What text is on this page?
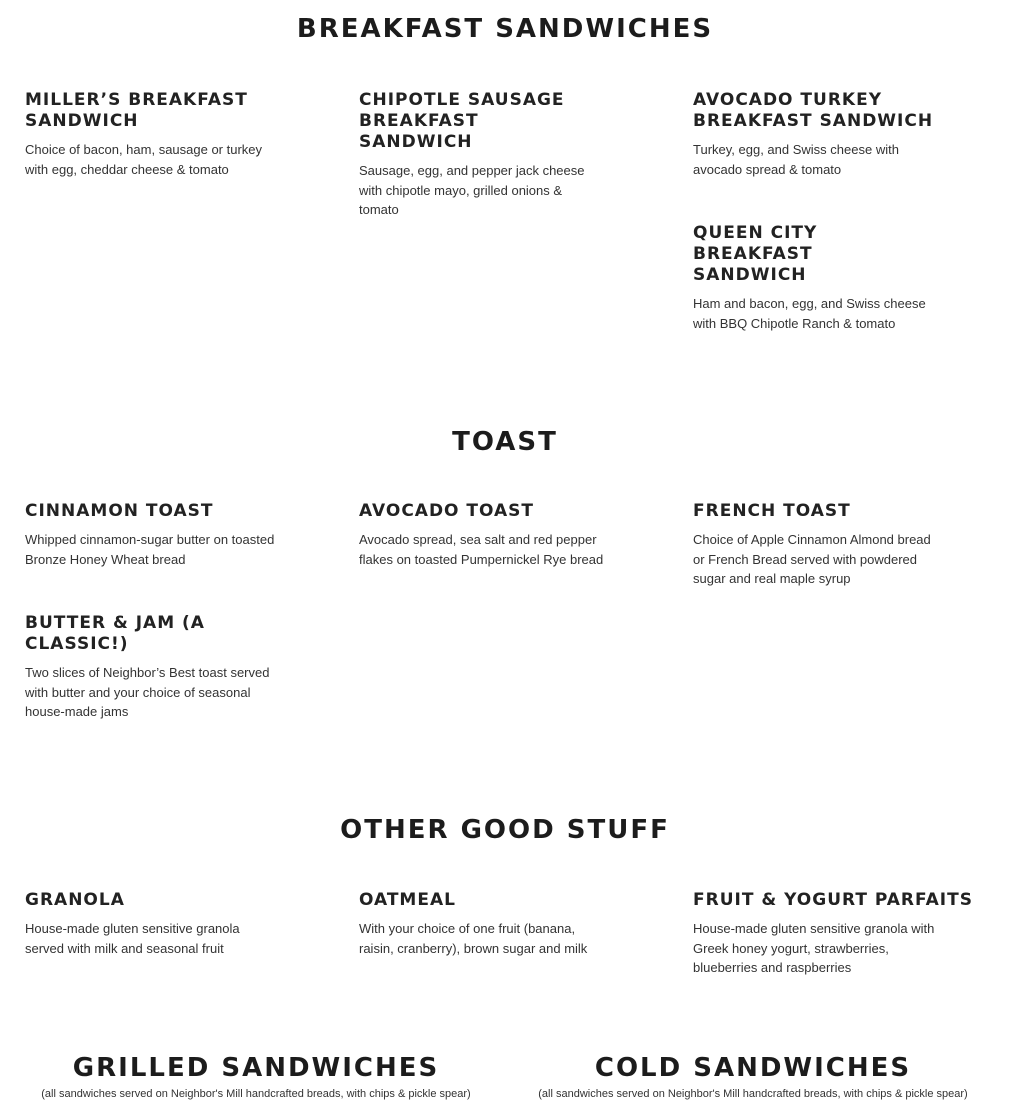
BREAKFAST SANDWICHES
MILLER’S BREAKFAST SANDWICH

Choice of bacon, ham, sausage or turkey with egg, cheddar cheese & tomato

CHIPOTLE SAUSAGE BREAKFAST SANDWICH

Sausage, egg, and pepper jack cheese with chipotle mayo, grilled onions & tomato

AVOCADO TURKEY BREAKFAST SANDWICH

Turkey, egg, and Swiss cheese with avocado spread & tomato

QUEEN CITY BREAKFAST SANDWICH

Ham and bacon, egg, and Swiss cheese with BBQ Chipotle Ranch & tomato

TOAST
CINNAMON TOAST

Whipped cinnamon-sugar butter on toasted Bronze Honey Wheat bread

AVOCADO TOAST

Avocado spread, sea salt and red pepper flakes on toasted Pumpernickel Rye bread

FRENCH TOAST

Choice of Apple Cinnamon Almond bread or French Bread served with powdered sugar and real maple syrup

BUTTER & JAM (A CLASSIC!)

Two slices of Neighbor’s Best toast served with butter and your choice of seasonal house-made jams

OTHER GOOD STUFF
GRANOLA

House-made gluten sensitive granola served with milk and seasonal fruit

OATMEAL

With your choice of one fruit (banana, raisin, cranberry), brown sugar and milk

FRUIT & YOGURT PARFAITS

House-made gluten sensitive granola with Greek honey yogurt, strawberries, blueberries and raspberries

GRILLED SANDWICHES

(all sandwiches served on Neighbor's Mill handcrafted breads, with chips & pickle spear)

COLD SANDWICHES

(all sandwiches served on Neighbor's Mill handcrafted breads, with chips & pickle spear)
